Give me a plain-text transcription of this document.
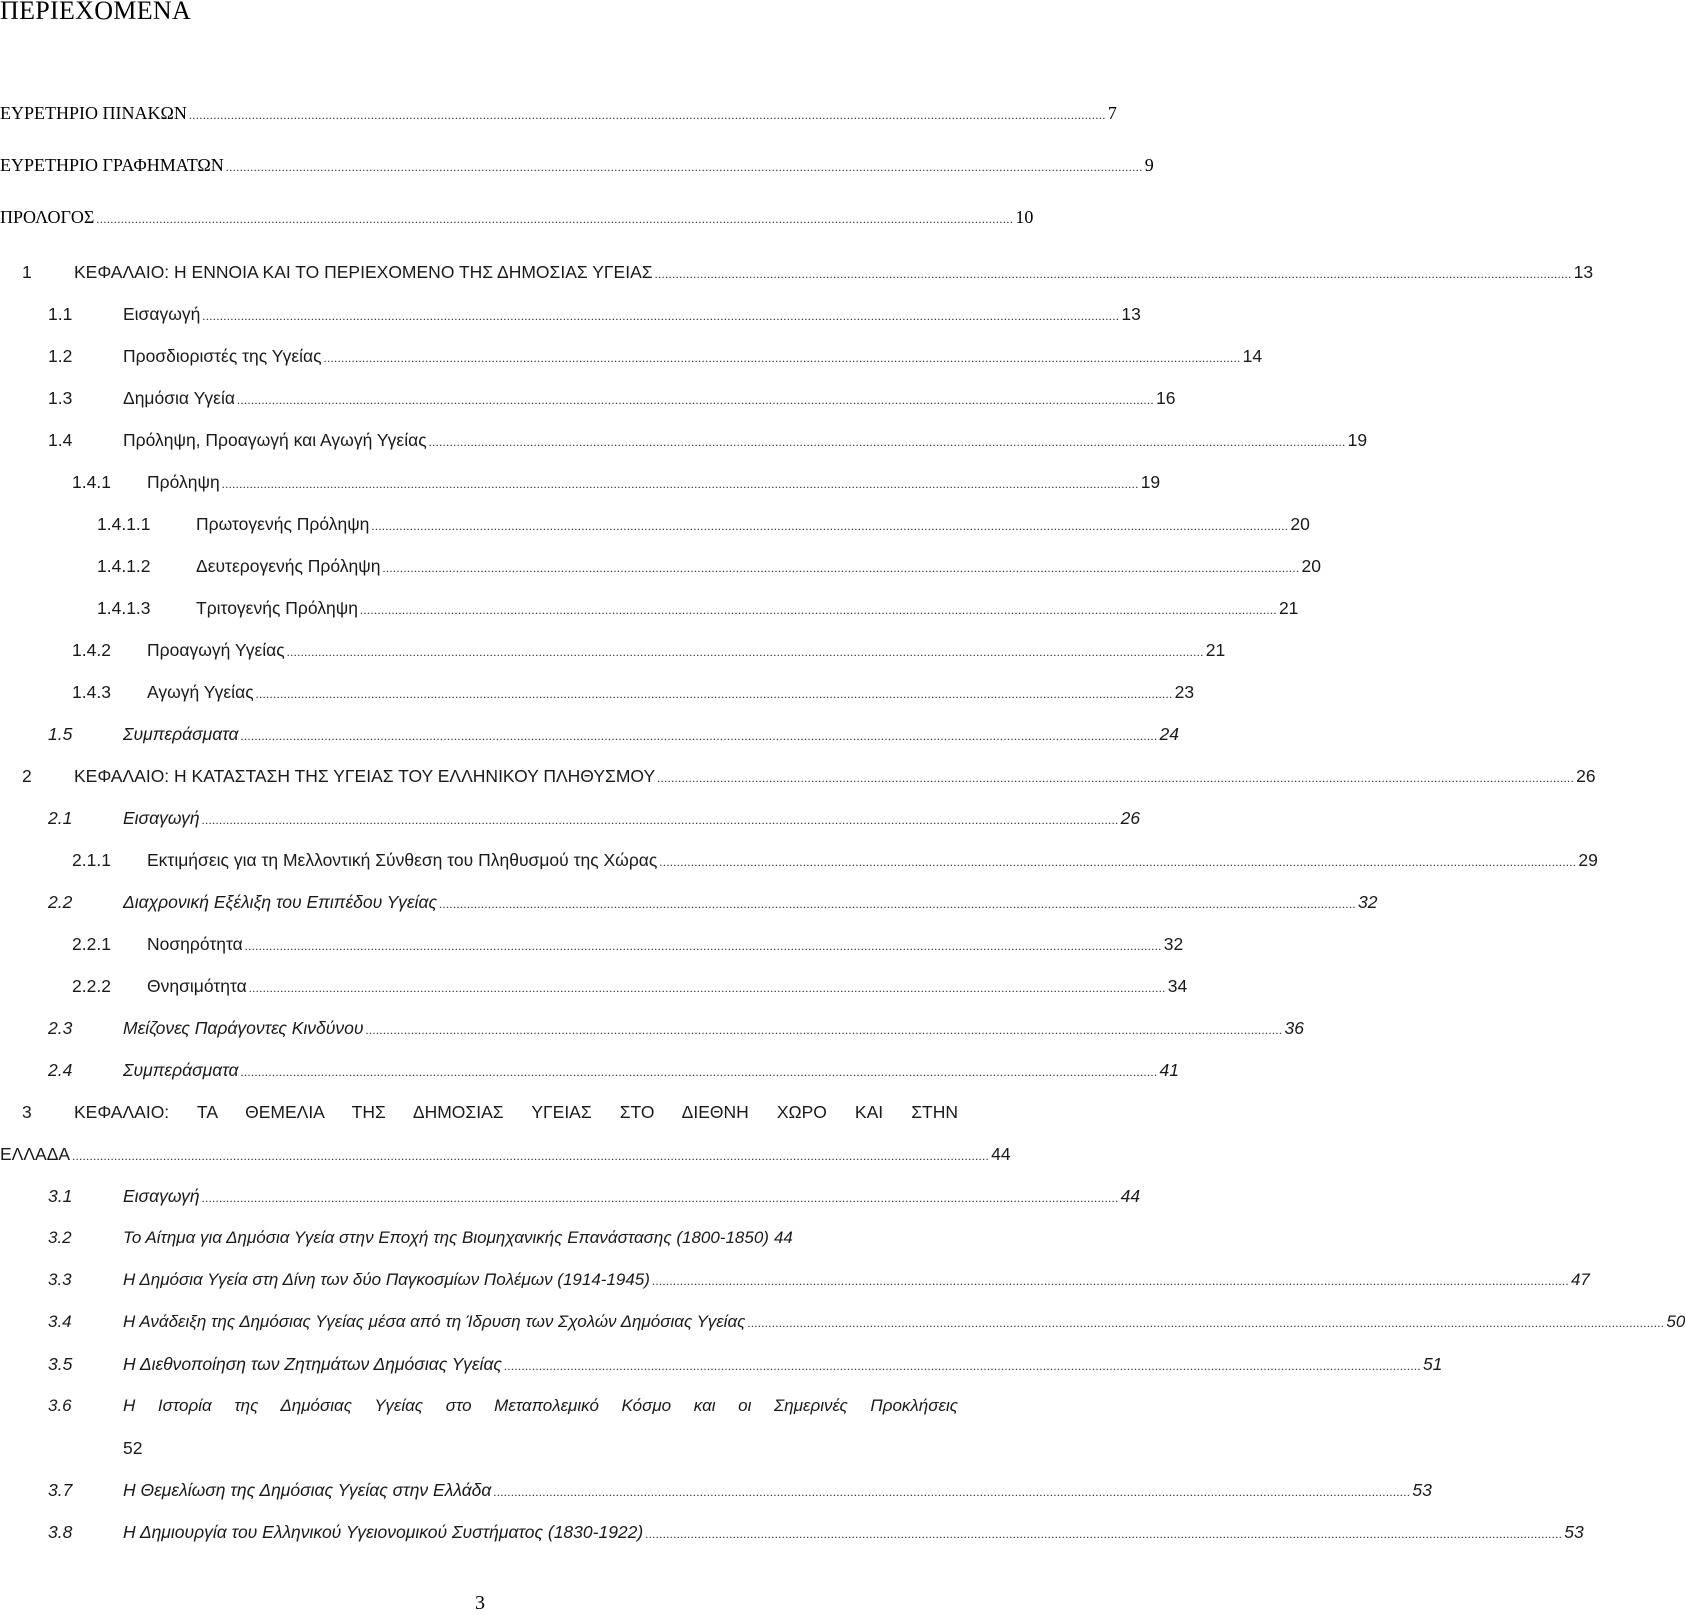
ΠΕΡΙΕΧΟΜΕΝΑ
ΕΥΡΕΤΗΡΙΟ ΠΙΝΑΚΩΝ .....	7
ΕΥΡΕΤΗΡΙΟ ΓΡΑΦΗΜΑΤΩΝ .....	9
ΠΡΟΛΟΓΟΣ .....	10
1	ΚΕΦΑΛΑΙΟ: Η ΕΝΝΟΙΑ ΚΑΙ ΤΟ ΠΕΡΙΕΧΟΜΕΝΟ ΤΗΣ ΔΗΜΟΣΙΑΣ ΥΓΕΙΑΣ .....	13
1.1	Εισαγωγή .....	13
1.2	Προσδιοριστές της Υγείας .....	14
1.3	Δημόσια Υγεία .....	16
1.4	Πρόληψη, Προαγωγή και Αγωγή Υγείας .....	19
1.4.1	Πρόληψη .....	19
1.4.1.1	Πρωτογενής Πρόληψη .....	20
1.4.1.2	Δευτερογενής Πρόληψη .....	20
1.4.1.3	Τριτογενής Πρόληψη .....	21
1.4.2	Προαγωγή Υγείας .....	21
1.4.3	Αγωγή Υγείας .....	23
1.5	Συμπεράσματα .....	24
2	ΚΕΦΑΛΑΙΟ: Η ΚΑΤΑΣΤΑΣΗ ΤΗΣ ΥΓΕΙΑΣ ΤΟΥ ΕΛΛΗΝΙΚΟΥ ΠΛΗΘΥΣΜΟΥ .....	26
2.1	Εισαγωγή .....	26
2.1.1	Εκτιμήσεις για τη Μελλοντική Σύνθεση του Πληθυσμού της Χώρας .....	29
2.2	Διαχρονική Εξέλιξη του Επιπέδου Υγείας .....	32
2.2.1	Νοσηρότητα .....	32
2.2.2	Θνησιμότητα .....	34
2.3	Μείζονες Παράγοντες Κινδύνου .....	36
2.4	Συμπεράσματα .....	41
3	ΚΕΦΑΛΑΙΟ: ΤΑ ΘΕΜΕΛΙΑ ΤΗΣ ΔΗΜΟΣΙΑΣ ΥΓΕΙΑΣ ΣΤΟ ΔΙΕΘΝΗ ΧΩΡΟ ΚΑΙ ΣΤΗΝ
ΕΛΛΑΔΑ .....	44
3.1	Εισαγωγή .....	44
3.2	Το Αίτημα για Δημόσια Υγεία στην Εποχή της Βιομηχανικής Επανάστασης (1800-1850) 44
3.3	Η Δημόσια Υγεία στη Δίνη των δύο Παγκοσμίων Πολέμων (1914-1945) .....	47
3.4	Η Ανάδειξη της Δημόσιας Υγείας μέσα από τη Ίδρυση των Σχολών Δημόσιας Υγείας .....	50
3.5	Η Διεθνοποίηση των Ζητημάτων Δημόσιας Υγείας .....	51
3.6	Η Ιστορία της Δημόσιας Υγείας στο Μεταπολεμικό Κόσμο και οι Σημερινές Προκλήσεις
52
3.7	Η Θεμελίωση της Δημόσιας Υγείας στην Ελλάδα .....	53
3.8	Η Δημιουργία του Ελληνικού Υγειονομικού Συστήματος (1830-1922) .....	53
3
